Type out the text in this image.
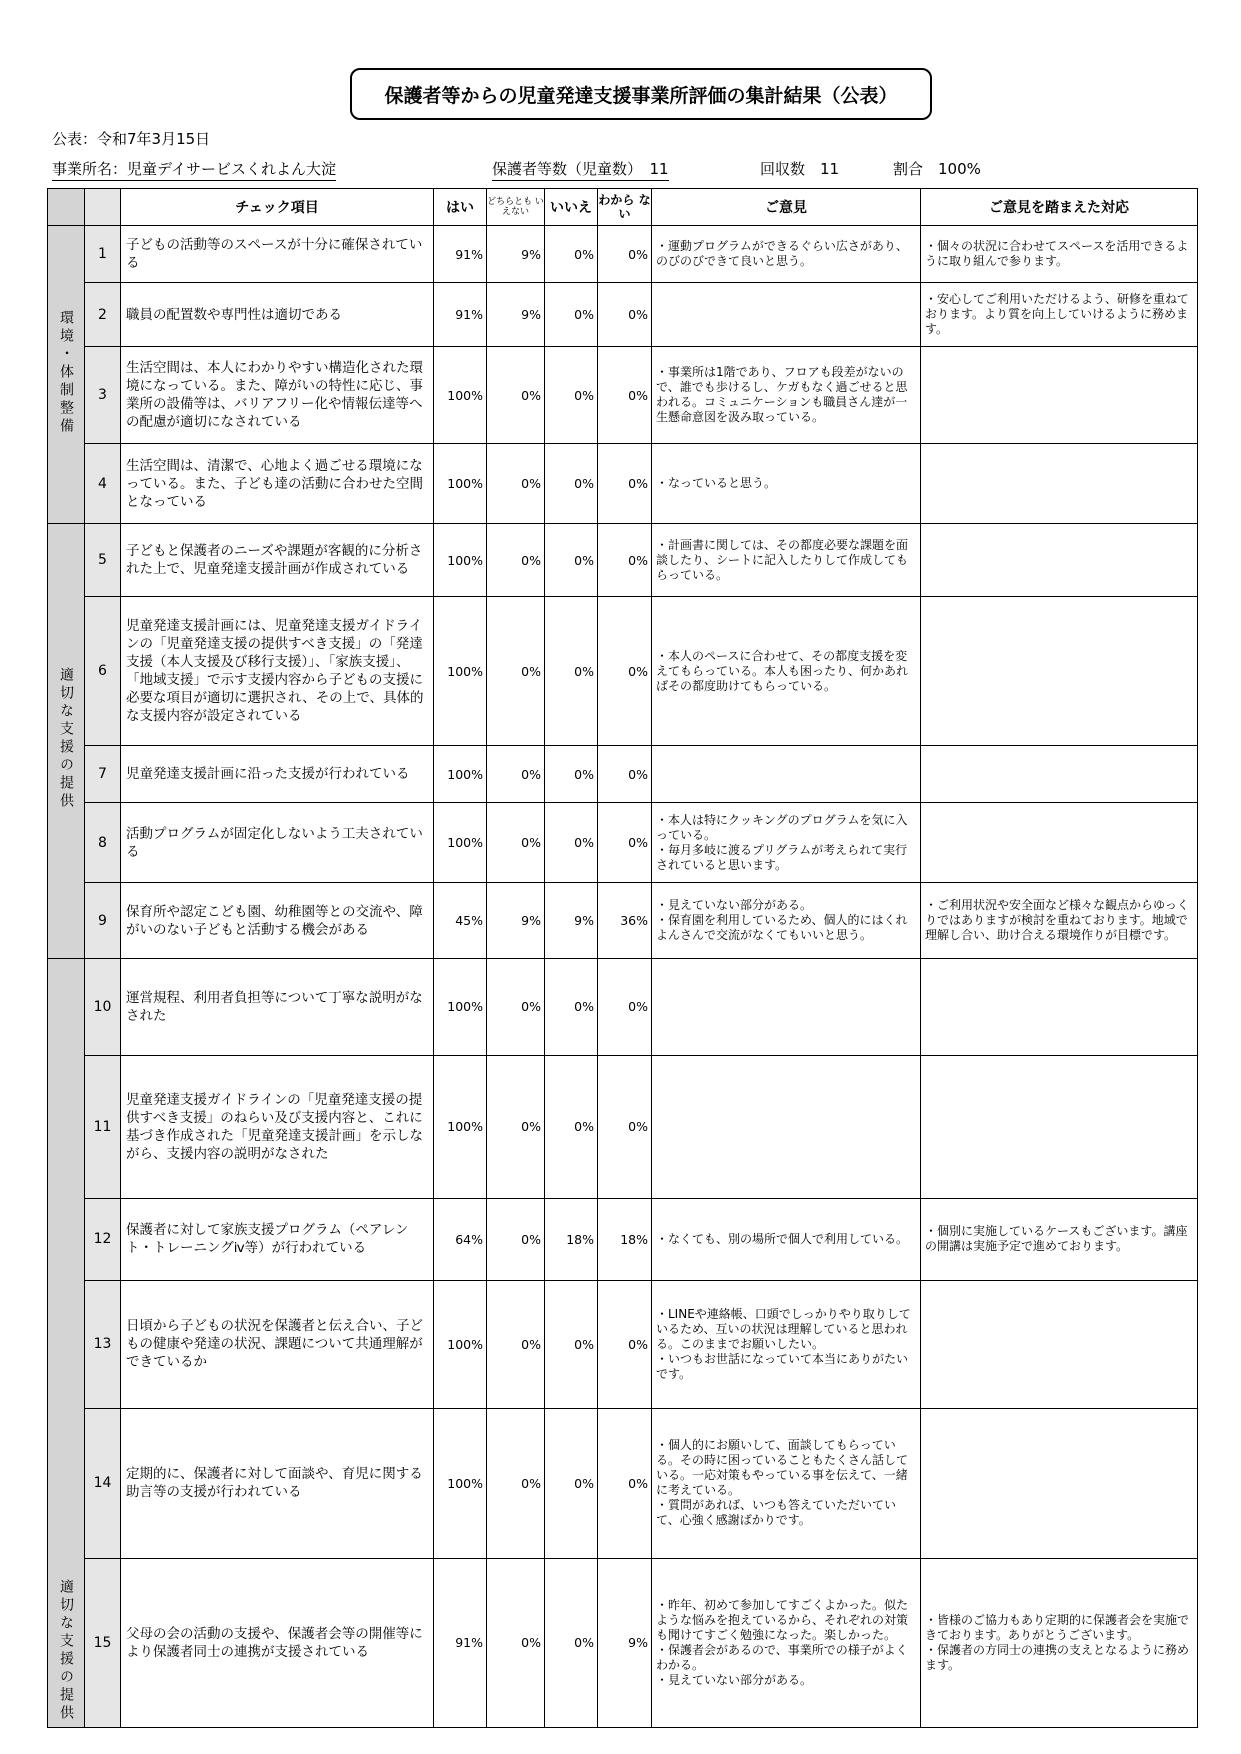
保護者等からの児童発達支援事業所評価の集計結果（公表）
公表：令和7年3月15日
事業所名：児童デイサービスくれよん大淀	保護者等数（児童数）　11	回収数　11	割合　100%
		チェック項目	はい	どちらとも いえない	いいえ	わから ない	ご意見	ご意見を踏まえた対応
環境・体制整備	1	子どもの活動等のスペースが十分に確保されている	91%	9%	0%	0%	・運動プログラムができるぐらい広さがあり、のびのびできて良いと思う。	・個々の状況に合わせてスペースを活用できるように取り組んで参ります。
	2	職員の配置数や専門性は適切である	91%	9%	0%	0%		・安心してご利用いただけるよう、研修を重ねております。より質を向上していけるように務めます。
	3	生活空間は、本人にわかりやすい構造化された環境になっている。また、障がいの特性に応じ、事業所の設備等は、バリアフリー化や情報伝達等への配慮が適切になされている	100%	0%	0%	0%	・事業所は1階であり、フロアも段差がないので、誰でも歩けるし、ケガもなく過ごせると思われる。コミュニケーションも職員さん達が一生懸命意図を汲み取っている。	
	4	生活空間は、清潔で、心地よく過ごせる環境になっている。また、子ども達の活動に合わせた空間となっている	100%	0%	0%	0%	・なっていると思う。	
適切な支援の提供	5	子どもと保護者のニーズや課題が客観的に分析された上で、児童発達支援計画が作成されている	100%	0%	0%	0%	・計画書に関しては、その都度必要な課題を面談したり、シートに記入したりして作成してもらっている。	
	6	児童発達支援計画には、児童発達支援ガイドラインの「児童発達支援の提供すべき支援」の「発達支援（本人支援及び移行支援）」、「家族支援」、「地域支援」で示す支援内容から子どもの支援に必要な項目が適切に選択され、その上で、具体的な支援内容が設定されている	100%	0%	0%	0%	・本人のペースに合わせて、その都度支援を変えてもらっている。本人も困ったり、何かあればその都度助けてもらっている。	
	7	児童発達支援計画に沿った支援が行われている	100%	0%	0%	0%		
	8	活動プログラムが固定化しないよう工夫されている	100%	0%	0%	0%	・本人は特にクッキングのプログラムを気に入っている。
・毎月多岐に渡るプリグラムが考えられて実行されていると思います。	
	9	保育所や認定こども園、幼稚園等との交流や、障がいのない子どもと活動する機会がある	45%	9%	9%	36%	・見えていない部分がある。
・保育園を利用しているため、個人的にはくれよんさんで交流がなくてもいいと思う。	・ご利用状況や安全面など様々な観点からゆっくりではありますが検討を重ねております。地域で理解し合い、助け合える環境作りが目標です。
適切な支援の提供	10	運営規程、利用者負担等について丁寧な説明がなされた	100%	0%	0%	0%		
	11	児童発達支援ガイドラインの「児童発達支援の提供すべき支援」のねらい及び支援内容と、これに基づき作成された「児童発達支援計画」を示しながら、支援内容の説明がなされた	100%	0%	0%	0%		
	12	保護者に対して家族支援プログラム（ペアレント・トレーニングⅳ等）が行われている	64%	0%	18%	18%	・なくても、別の場所で個人で利用している。	・個別に実施しているケースもございます。講座の開講は実施予定で進めております。
	13	日頃から子どもの状況を保護者と伝え合い、子どもの健康や発達の状況、課題について共通理解ができているか	100%	0%	0%	0%	・LINEや連絡帳、口頭でしっかりやり取りしているため、互いの状況は理解していると思われる。このままでお願いしたい。
・いつもお世話になっていて本当にありがたいです。	
	14	定期的に、保護者に対して面談や、育児に関する助言等の支援が行われている	100%	0%	0%	0%	・個人的にお願いして、面談してもらっている。その時に困っていることもたくさん話している。一応対策もやっている事を伝えて、一緒に考えている。
・質問があれば、いつも答えていただいていて、心強く感謝ばかりです。	
	15	父母の会の活動の支援や、保護者会等の開催等により保護者同士の連携が支援されている	91%	0%	0%	9%	・昨年、初めて参加してすごくよかった。似たような悩みを抱えているから、それぞれの対策も聞けてすごく勉強になった。楽しかった。
・保護者会があるので、事業所での様子がよくわかる。
・見えていない部分がある。	・皆様のご協力もあり定期的に保護者会を実施できております。ありがとうございます。
・保護者の方同士の連携の支えとなるように務めます。
